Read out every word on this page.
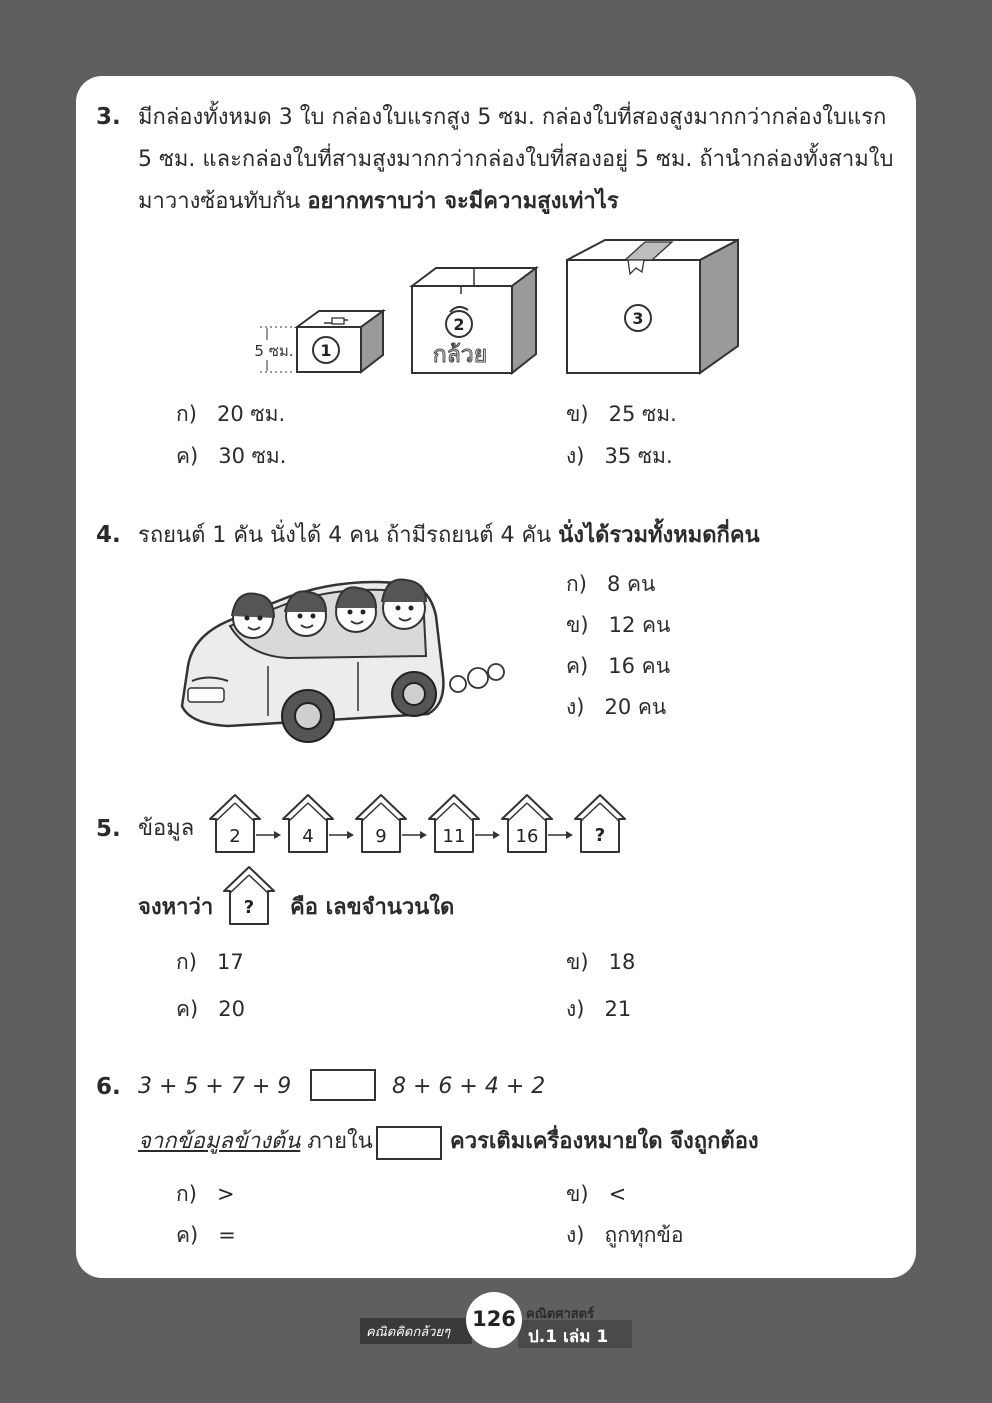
3. มีกล่องทั้งหมด 3 ใบ กล่องใบแรกสูง 5 ซม. กล่องใบที่สองสูงมากกว่ากล่องใบแรก
5 ซม. และกล่องใบที่สามสูงมากกว่ากล่องใบที่สองอยู่ 5 ซม. ถ้านำกล่องทั้งสามใบ
มาวางซ้อนทับกัน อยากทราบว่า จะมีความสูงเท่าไร
5 ซม. 1
2
กล้วย
3
ก) 20 ซม.	ข) 25 ซม.
ค) 30 ซม.	ง) 35 ซม.
4. รถยนต์ 1 คัน นั่งได้ 4 คน ถ้ามีรถยนต์ 4 คัน นั่งได้รวมทั้งหมดกี่คน
ก) 8 คน
ข) 12 คน
ค) 16 คน
ง) 20 คน
5. ข้อมูล 2	4	9	11	16	?
จงหาว่า ? คือ เลขจำนวนใด
ก) 17	ข) 18
ค) 20	ง) 21
6. 3 + 5 + 7 + 9	8 + 6 + 4 + 2
จากข้อมูลข้างต้น ภายใน	ควรเติมเครื่องหมายใด จึงถูกต้อง
ก) >	ข) <
ค) =	ง) ถูกทุกข้อ
คณิตคิดกล้วยๆ
คณิตศาสตร์
ป.1 เล่ม 1
126
